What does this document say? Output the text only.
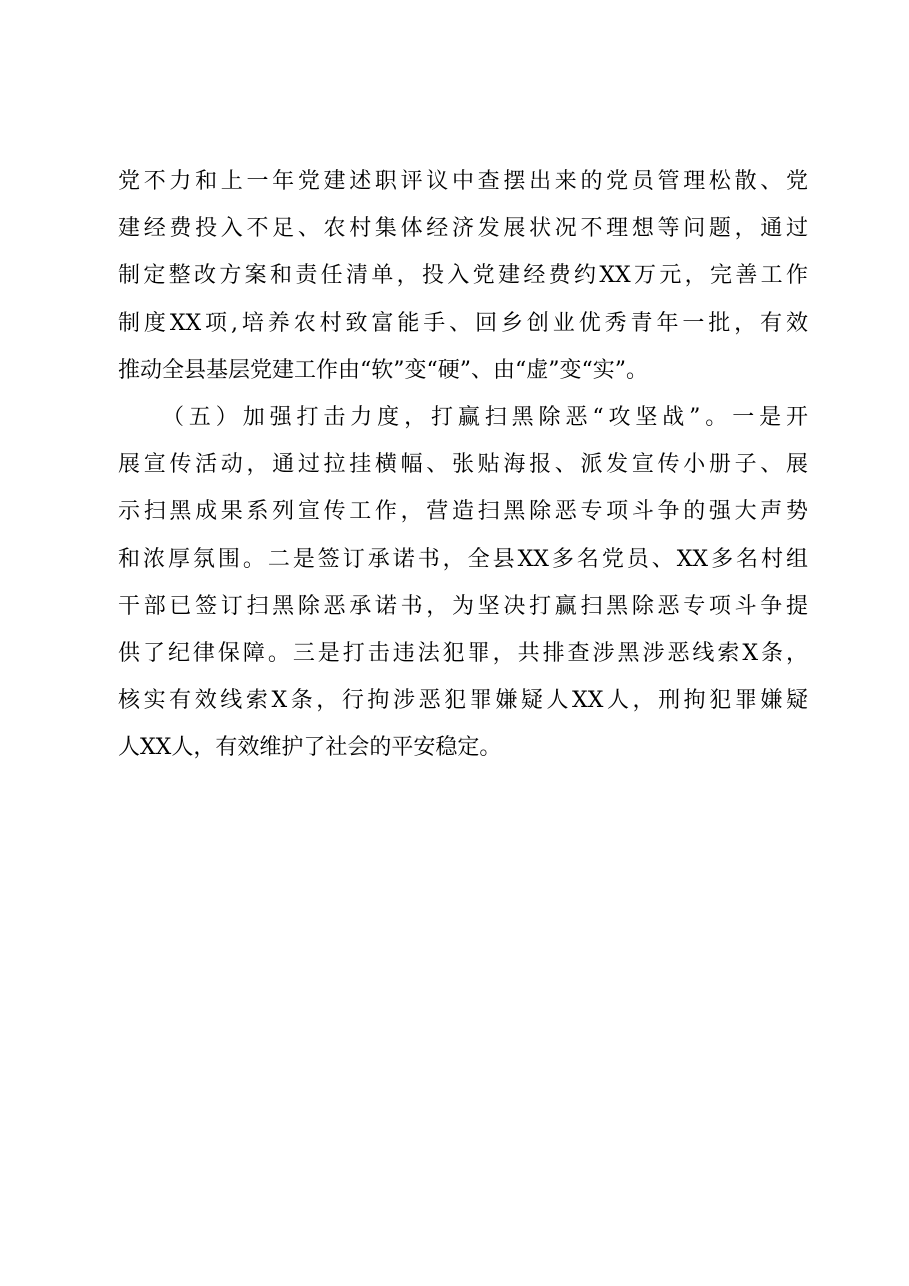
党不力和上一年党建述职评议中查摆出来的党员管理松散、党
建经费投入不足、农村集体经济发展状况不理想等问题，通过
制定整改方案和责任清单，投入党建经费约XX万元，完善工作
制度XX项,培养农村致富能手、回乡创业优秀青年一批，有效
推动全县基层党建工作由“软”变“硬”、由“虚”变“实”。
（五）加强打击力度，打赢扫黑除恶“攻坚战”。一是开
展宣传活动，通过拉挂横幅、张贴海报、派发宣传小册子、展
示扫黑成果系列宣传工作，营造扫黑除恶专项斗争的强大声势
和浓厚氛围。二是签订承诺书，全县XX多名党员、XX多名村组
干部已签订扫黑除恶承诺书，为坚决打赢扫黑除恶专项斗争提
供了纪律保障。三是打击违法犯罪，共排查涉黑涉恶线索X条，
核实有效线索X条，行拘涉恶犯罪嫌疑人XX人，刑拘犯罪嫌疑
人XX人，有效维护了社会的平安稳定。
